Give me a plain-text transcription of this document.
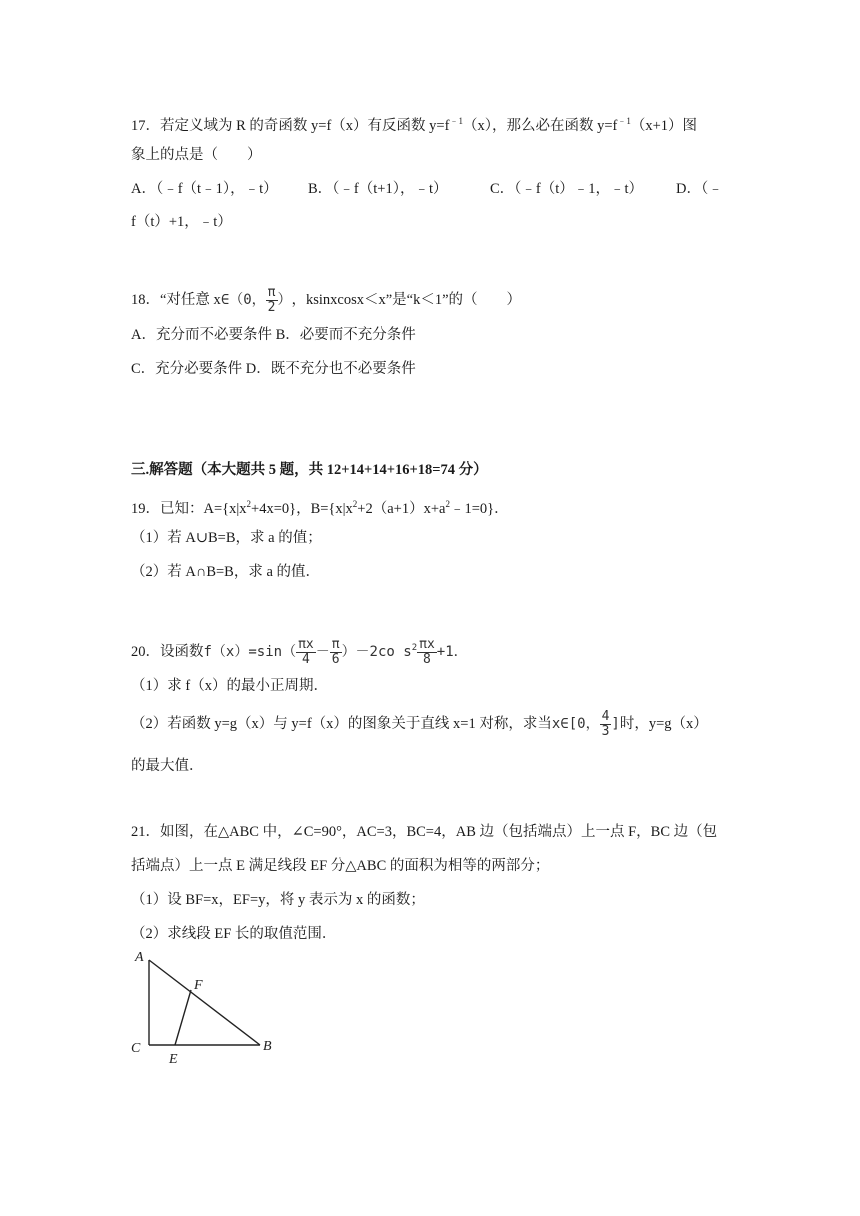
17．若定义域为 R 的奇函数 y=f（x）有反函数 $y=f^{﹣1}(x)$，那么必在函数 $y=f^{﹣1}(x+1)$图
象上的点是（　　）
A．（﹣f（t﹣1），﹣t） B．（﹣f（t+1），﹣t）	C．（﹣f（t）﹣1，﹣t） D．（﹣
f（t）+1，﹣t）
18．“对任意 x∈（0， $\frac{\pi}{2}$ ），ksinxcosx＜x”是“k＜1”的（　　）
A．充分而不必要条件 B．必要而不充分条件
C．充分必要条件 D．既不充分也不必要条件
三.解答题（本大题共 5 题，共 12+14+14+16+18=74 分）
19．已知：$A=\{x|x^2+4x=0\}$，$B=\{x|x^2+2(a+1)x+a^2﹣1=0\}$．
（1）若 A∪B=B，求 a 的值；
（2）若 A∩B=B，求 a 的值．
20．设函数$f(x)=\sin( \frac{\pi x}{4} - \frac{\pi}{6} )-2co$ $s^2 \frac{\pi x}{8} +1$．
（1）求 f（x）的最小正周期．
（2）若函数 y=g（x）与 y=f（x）的图象关于直线 x=1 对称，求当x∈[0， $\frac{4}{3}$ ]时，y=g（x）
的最大值．
21．如图，在△ABC 中，∠C=90°，AC=3，BC=4，AB 边（包括端点）上一点 F，BC 边（包
括端点）上一点 E 满足线段 EF 分△ABC 的面积为相等的两部分；
（1）设 BF=x，EF=y，将 y 表示为 x 的函数；
（2）求线段 EF 长的取值范围．
A
F
C
E
B
